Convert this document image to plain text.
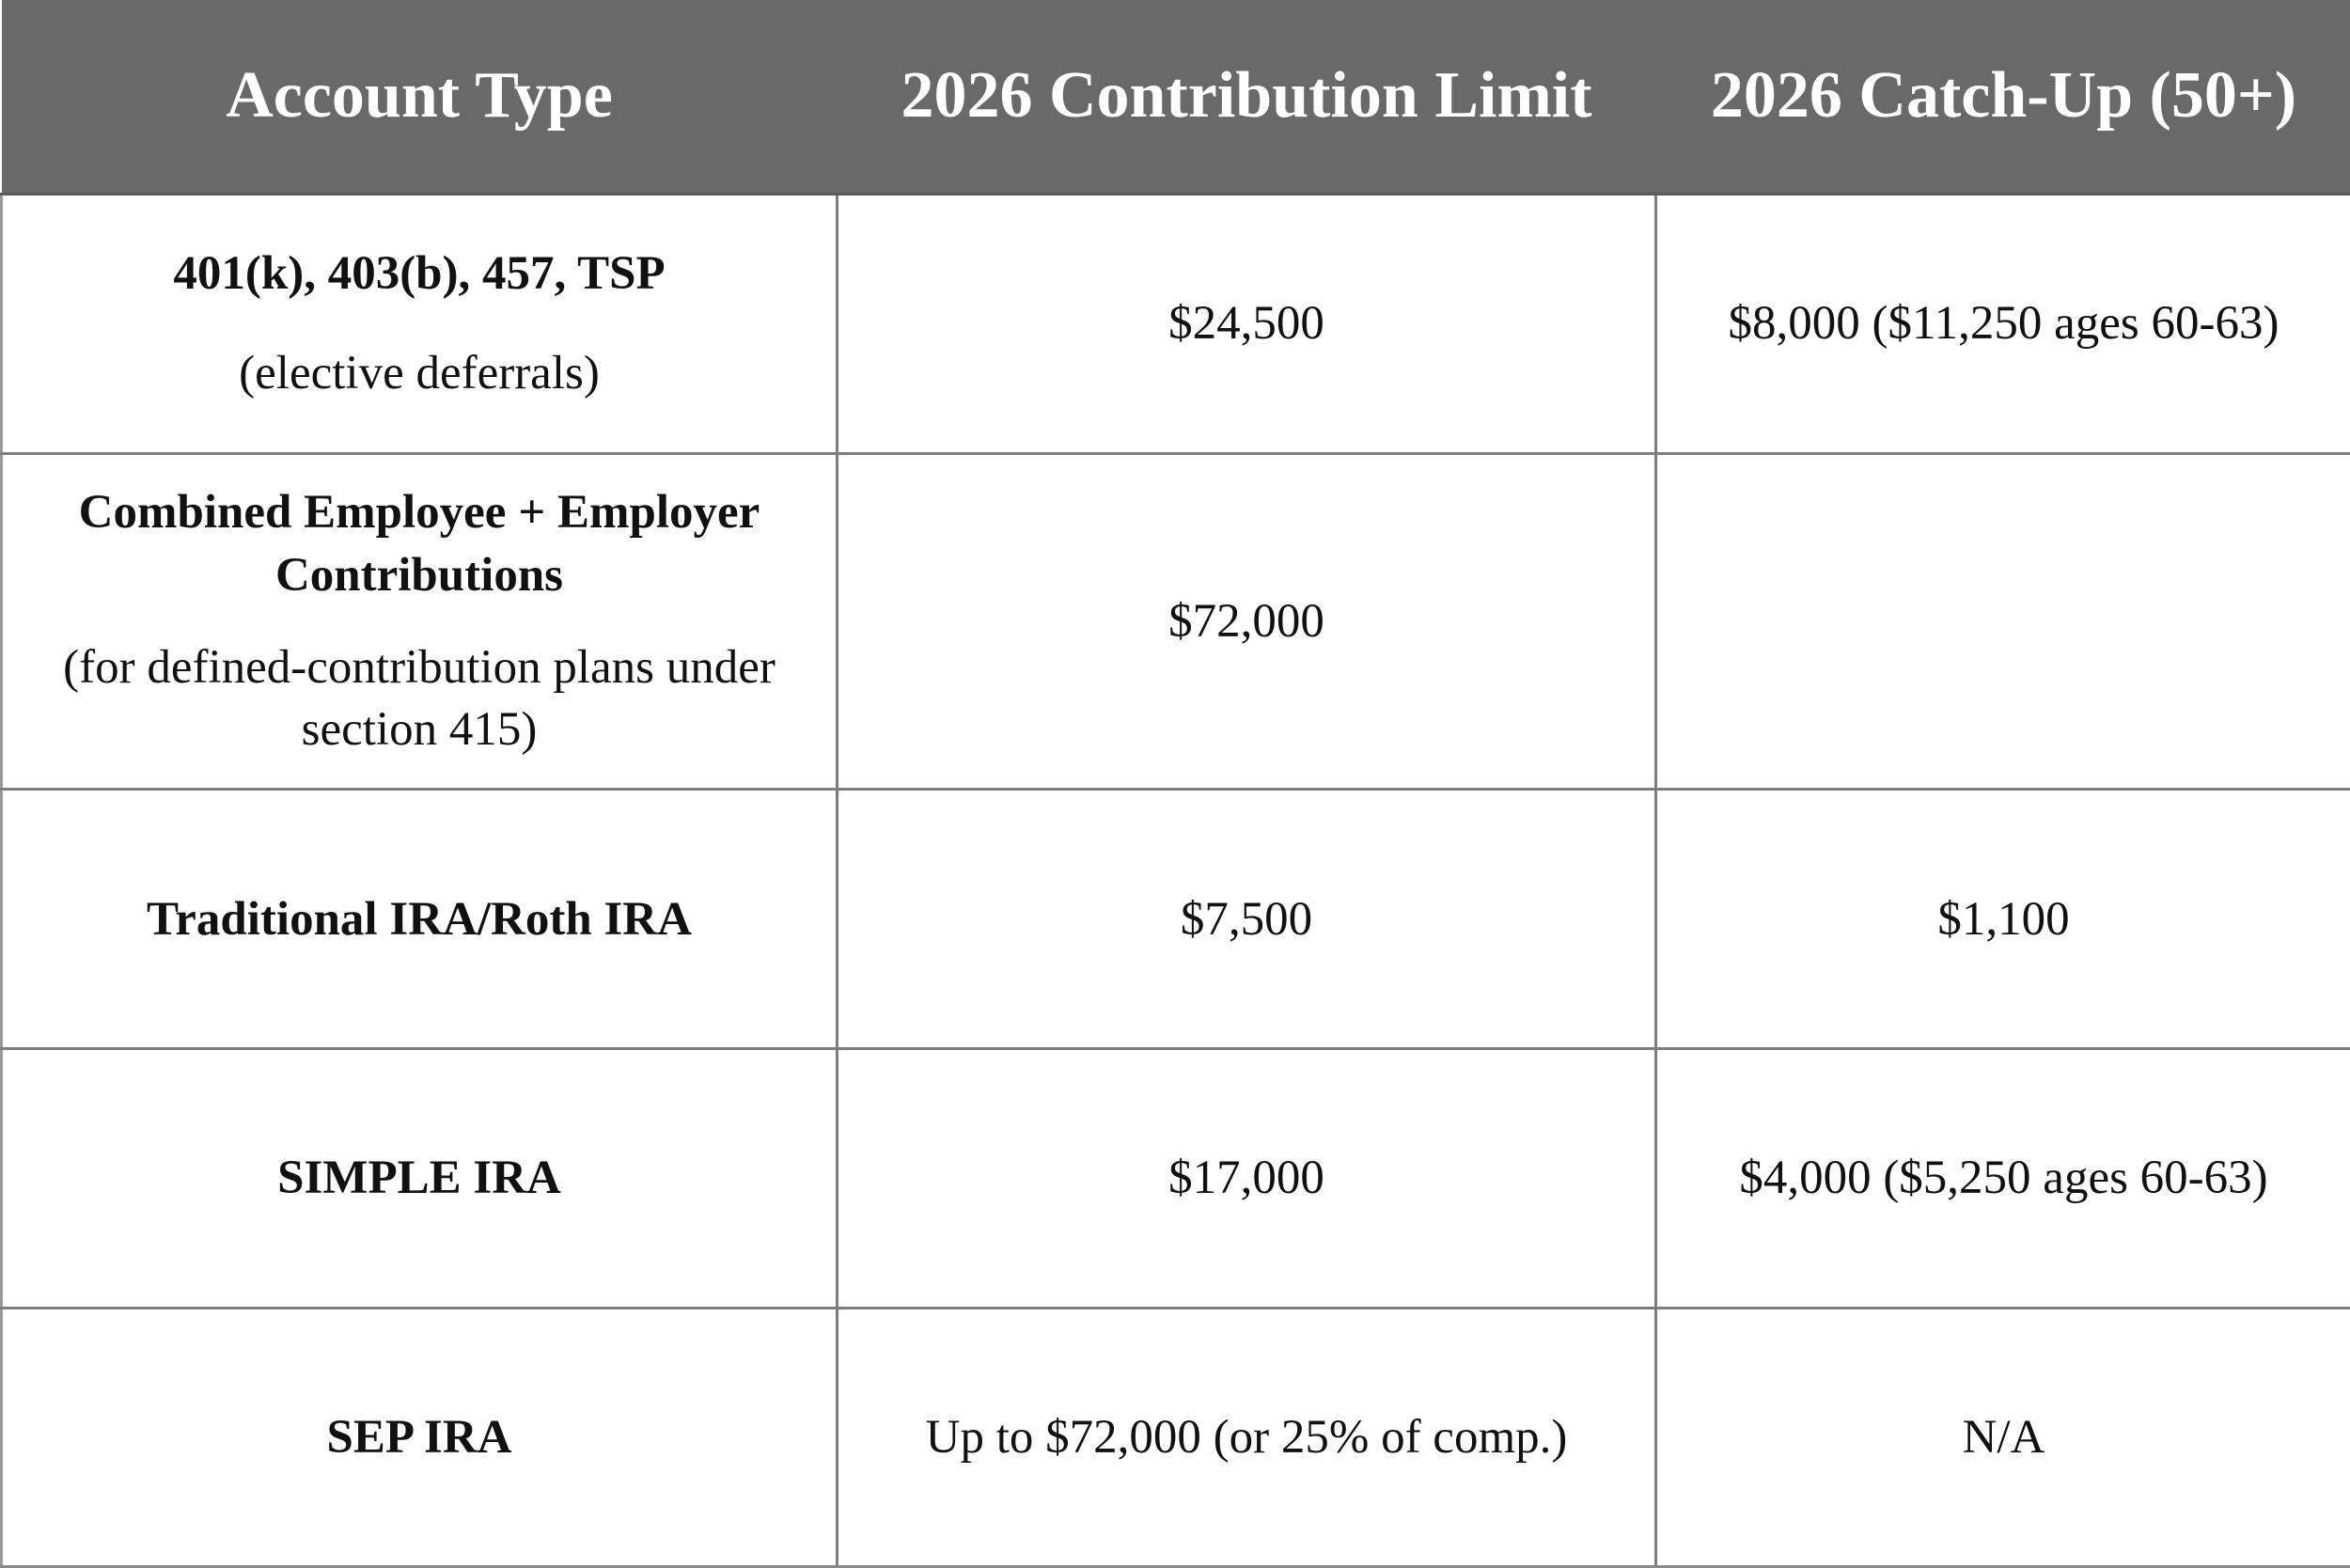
Account Type	2026 Contribution Limit	2026 Catch-Up (50+)

401(k), 403(b), 457, TSP
(elective deferrals)	$24,500	$8,000 ($11,250 ages 60-63)

Combined Employee + Employer Contributions
(for defined-contribution plans under section 415)	$72,000	

Traditional IRA/Roth IRA	$7,500	$1,100

SIMPLE IRA	$17,000	$4,000 ($5,250 ages 60-63)

SEP IRA	Up to $72,000 (or 25% of comp.)	N/A
